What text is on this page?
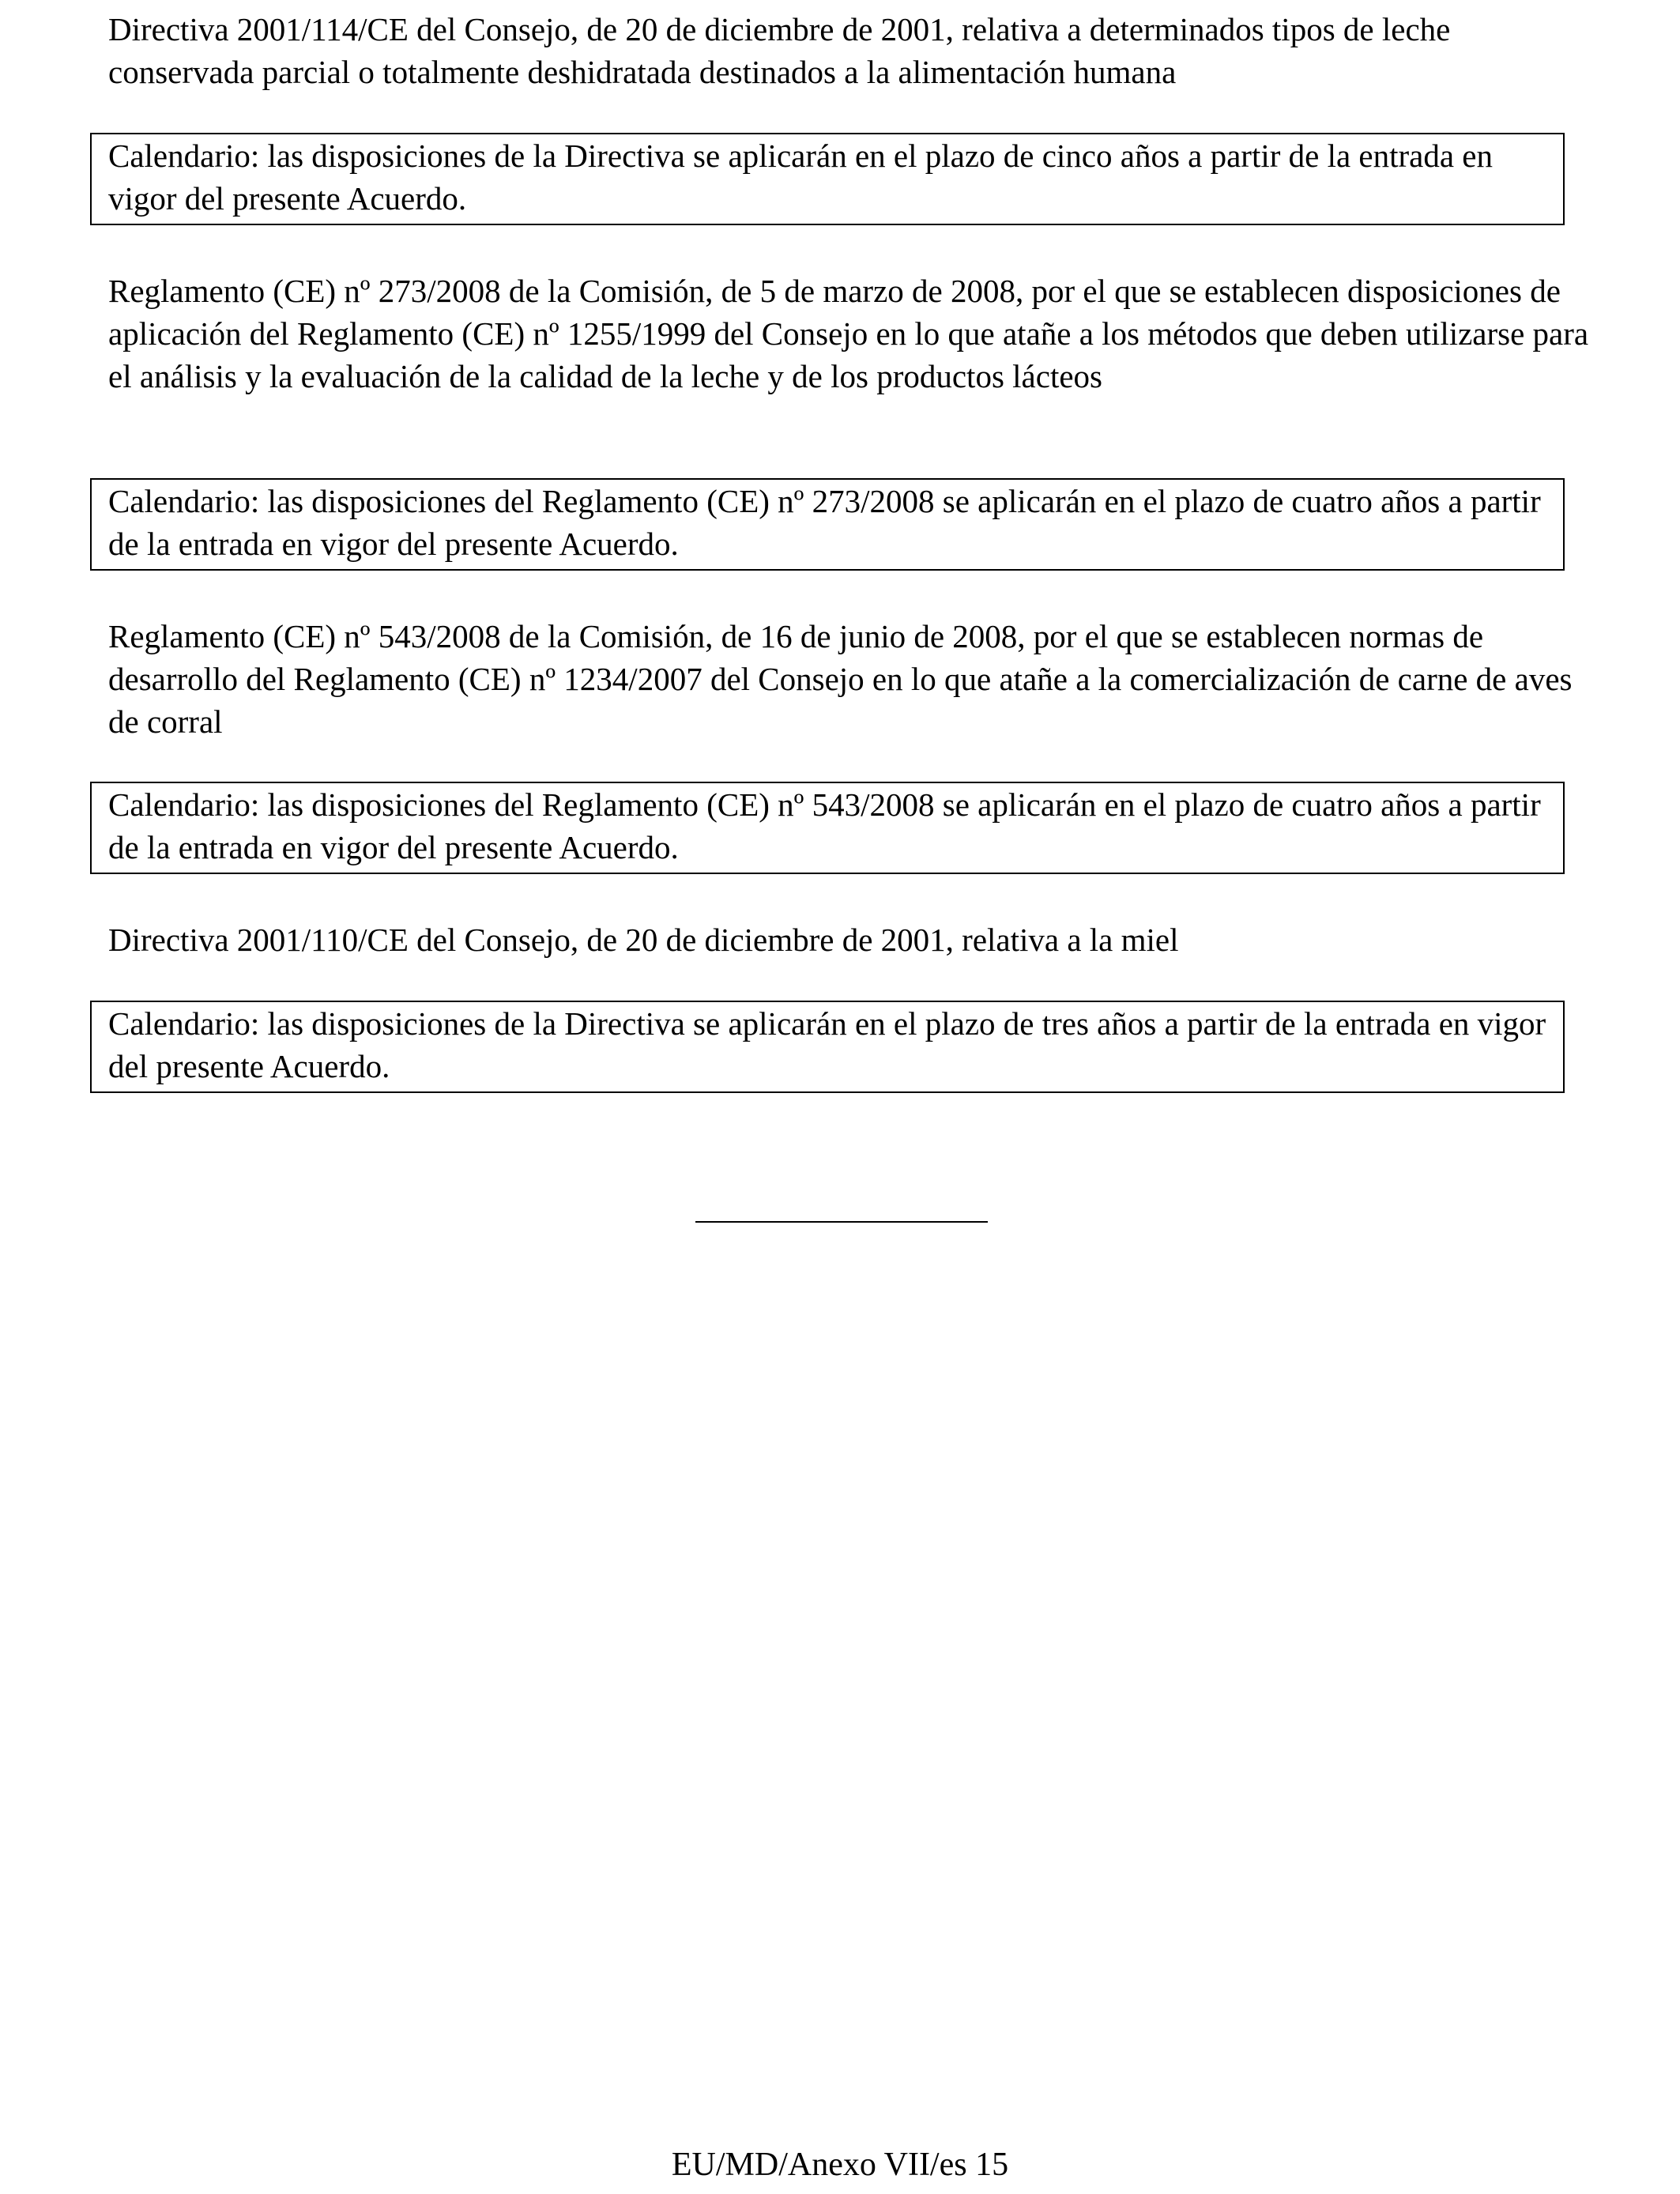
Directiva 2001/114/CE del Consejo, de 20 de diciembre de 2001, relativa a determinados tipos de leche conservada parcial o totalmente deshidratada destinados a la alimentación humana

Calendario: las disposiciones de la Directiva se aplicarán en el plazo de cinco años a partir de la entrada en vigor del presente Acuerdo.

Reglamento (CE) nº 273/2008 de la Comisión, de 5 de marzo de 2008, por el que se establecen disposiciones de aplicación del Reglamento (CE) nº 1255/1999 del Consejo en lo que atañe a los métodos que deben utilizarse para el análisis y la evaluación de la calidad de la leche y de los productos lácteos

Calendario: las disposiciones del Reglamento (CE) nº 273/2008 se aplicarán en el plazo de cuatro años a partir de la entrada en vigor del presente Acuerdo.

Reglamento (CE) nº 543/2008 de la Comisión, de 16 de junio de 2008, por el que se establecen normas de desarrollo del Reglamento (CE) nº 1234/2007 del Consejo en lo que atañe a la comercialización de carne de aves de corral

Calendario: las disposiciones del Reglamento (CE) nº 543/2008 se aplicarán en el plazo de cuatro años a partir de la entrada en vigor del presente Acuerdo.

Directiva 2001/110/CE del Consejo, de 20 de diciembre de 2001, relativa a la miel

Calendario: las disposiciones de la Directiva se aplicarán en el plazo de tres años a partir de la entrada en vigor del presente Acuerdo.
EU/MD/Anexo VII/es 15
